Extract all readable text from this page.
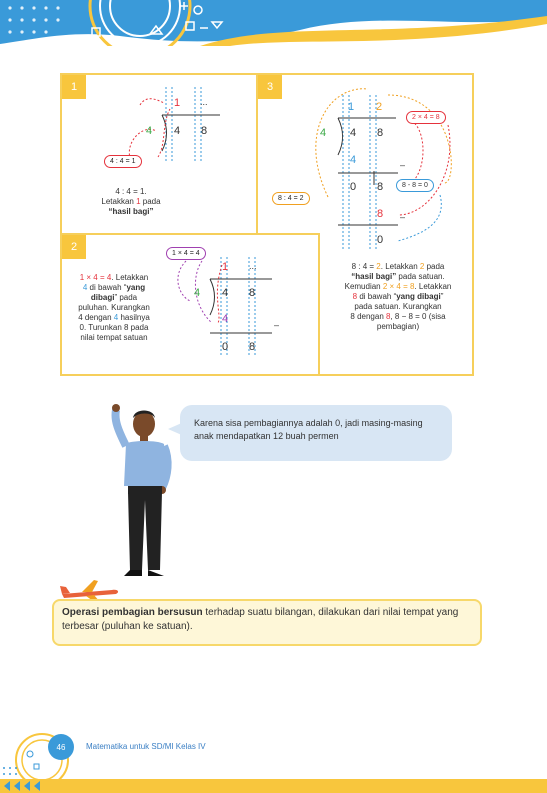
1
1 ...
4 4 8
4 : 4 = 1
4 : 4 = 1.
Letakkan 1 pada
“hasil bagi”
3
1 2
4 4 8
4	–
0 8
8 –
0
2 × 4 = 8
8 - 8 = 0
8 : 4 = 2
8 : 4 = 2. Letakkan 2 pada
“hasil bagi” pada satuan.
Kemudian 2 × 4 = 8. Letakkan
8 di bawah “yang dibagi”
pada satuan. Kurangkan
8 dengan 8, 8 − 8 = 0 (sisa
pembagian)
2
1 × 4 = 4
1 ...
4 4 8
4	–
0 8
1 × 4 = 4. Letakkan
4 di bawah “yang
dibagi” pada
puluhan. Kurangkan
4 dengan 4 hasilnya
0. Turunkan 8 pada
nilai tempat satuan
Karena sisa pembagiannya adalah 0, jadi masing-masing anak mendapatkan 12 buah permen
Operasi pembagian bersusun terhadap suatu bilangan, dilakukan dari nilai tempat yang terbesar (puluhan ke satuan).
46	Matematika untuk SD/MI Kelas IV
